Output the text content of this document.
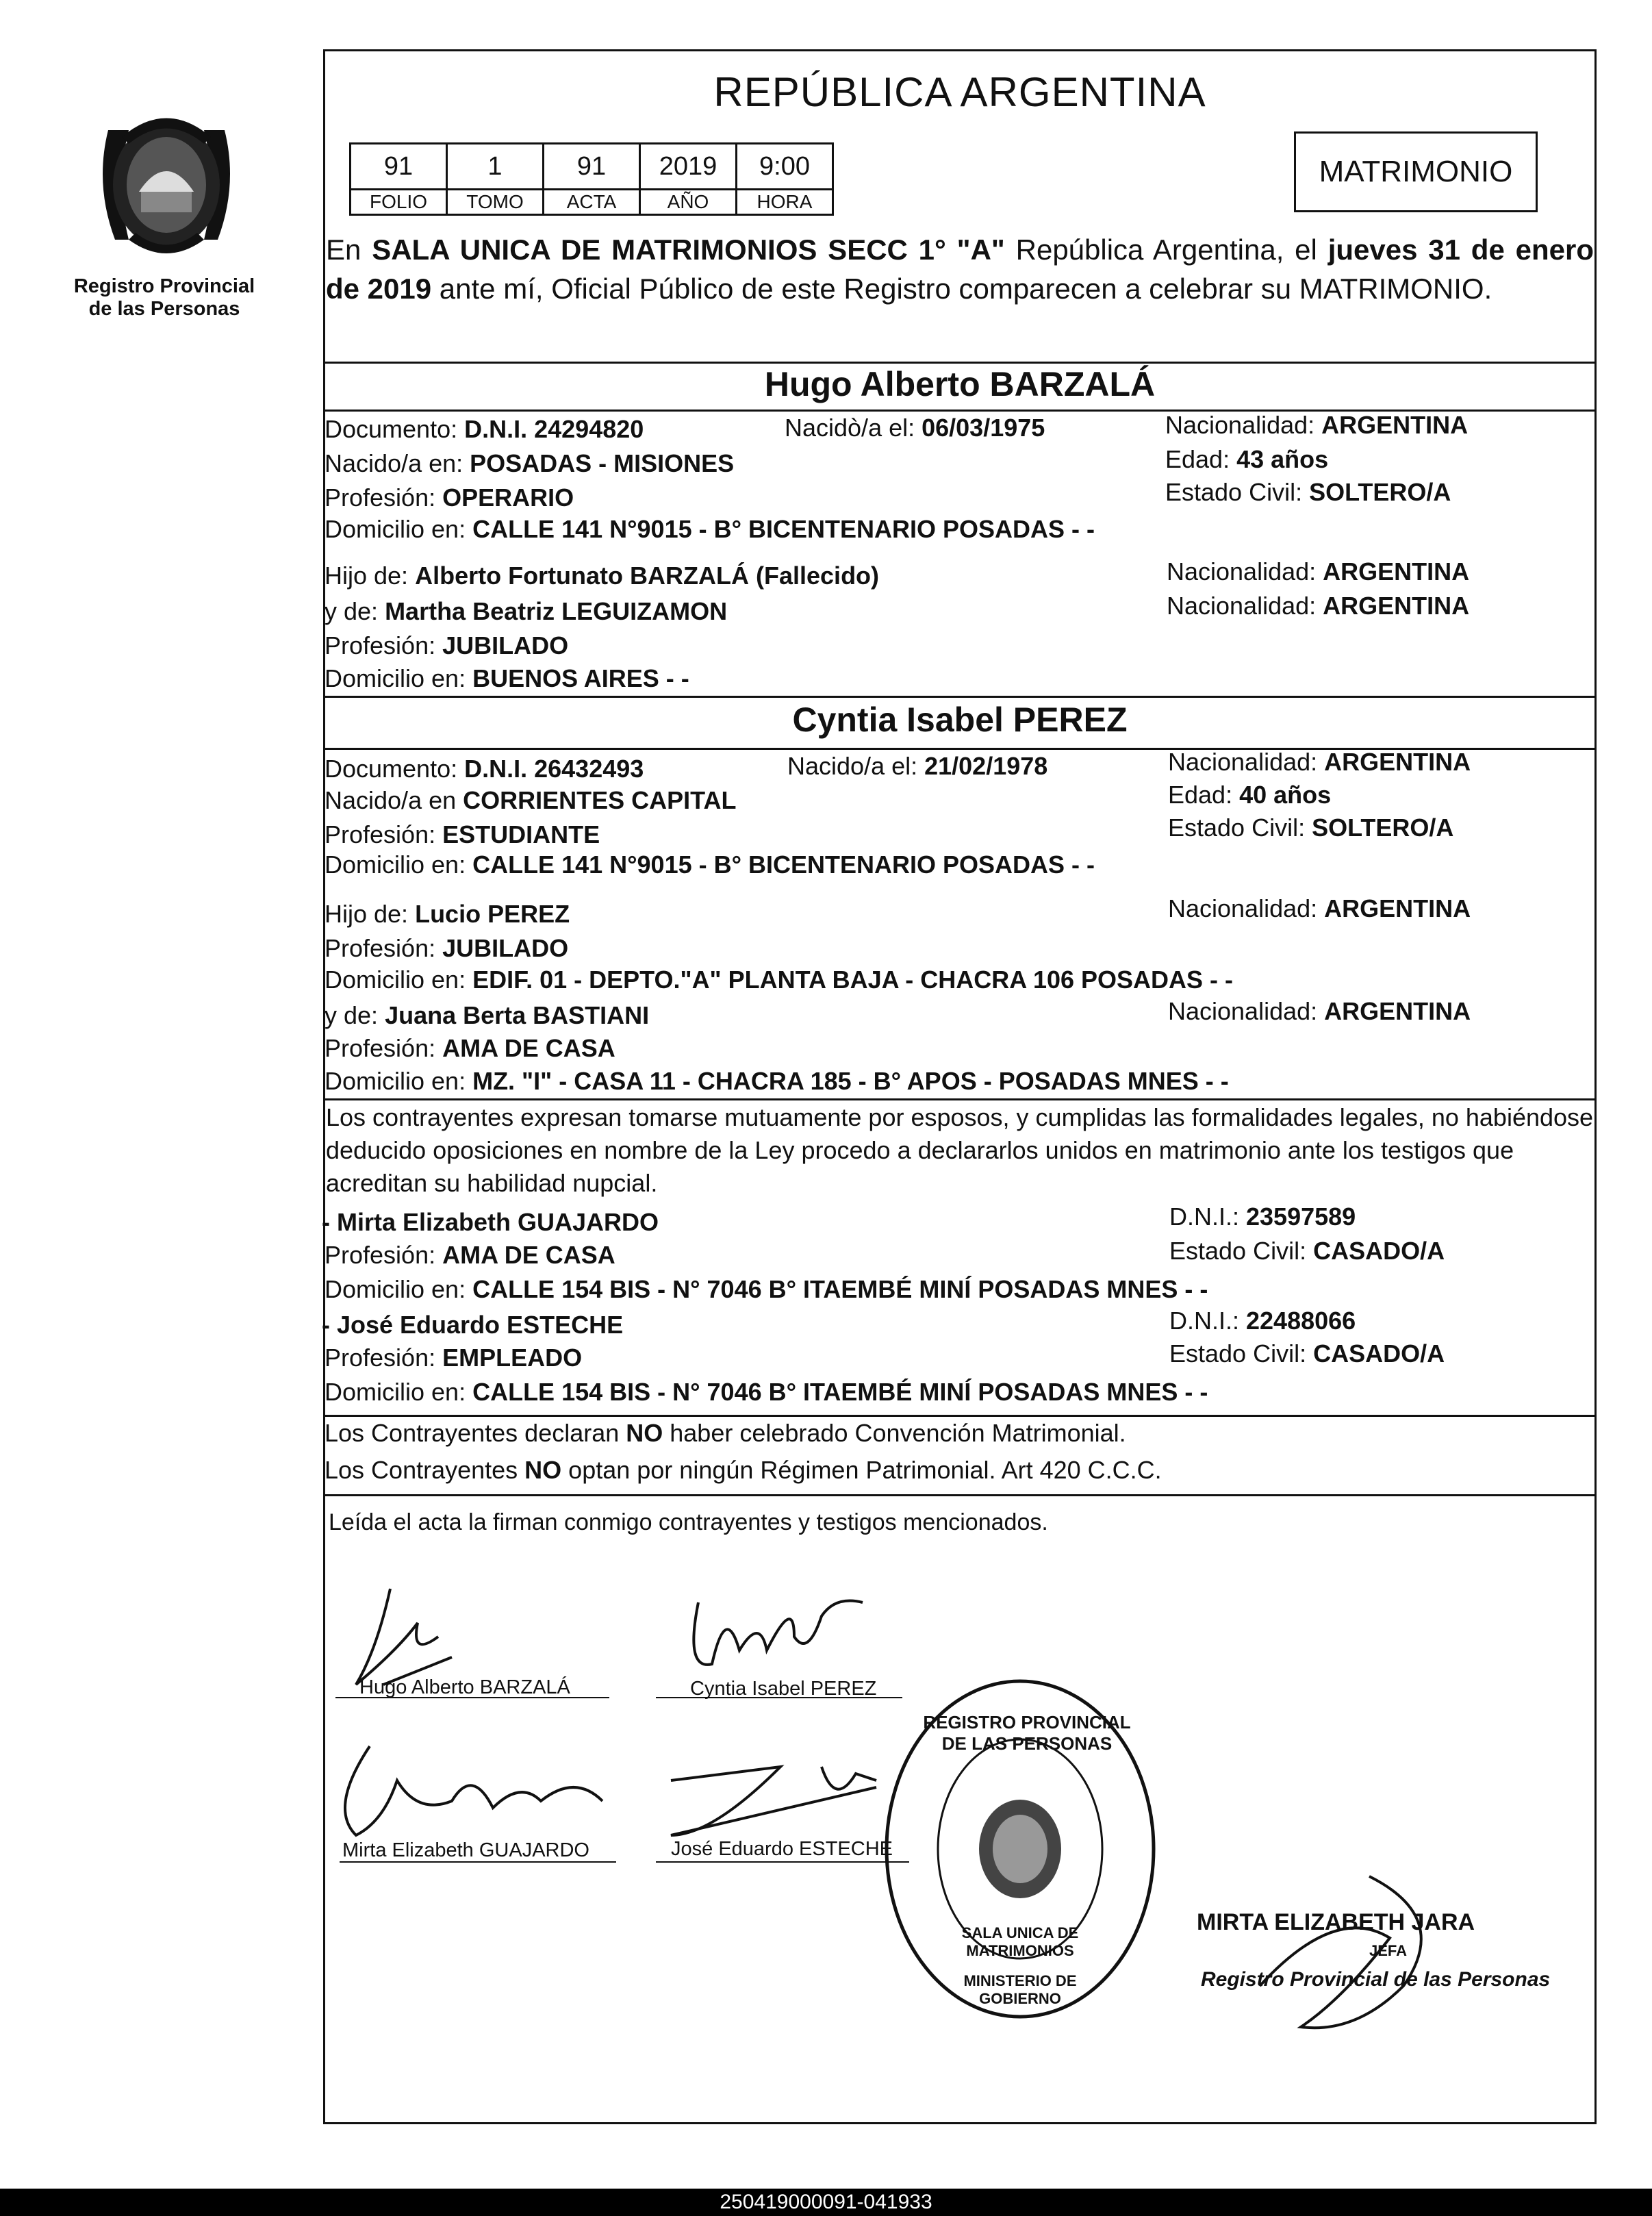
Registro Provincial
de las Personas
REPÚBLICA ARGENTINA
91	1	91	2019	9:00
FOLIO	TOMO	ACTA	AÑO	HORA
MATRIMONIO
En SALA UNICA DE MATRIMONIOS SECC 1° "A" República Argentina, el jueves 31 de enero de 2019 ante mí, Oficial Público de este Registro comparecen a celebrar su MATRIMONIO.
Hugo Alberto BARZALÁ
Documento: D.N.I. 24294820	Nacidò/a el: 06/03/1975	Nacionalidad: ARGENTINA
Nacido/a en: POSADAS - MISIONES	Edad: 43 años
Profesión: OPERARIO	Estado Civil: SOLTERO/A
Domicilio en: CALLE 141 N°9015 - B° BICENTENARIO POSADAS - -
Hijo de: Alberto Fortunato BARZALÁ (Fallecido)	Nacionalidad: ARGENTINA
y de: Martha Beatriz LEGUIZAMON	Nacionalidad: ARGENTINA
Profesión: JUBILADO
Domicilio en: BUENOS AIRES - -
Cyntia Isabel PEREZ
Documento: D.N.I. 26432493	Nacido/a el: 21/02/1978	Nacionalidad: ARGENTINA
Nacido/a en CORRIENTES CAPITAL	Edad: 40 años
Profesión: ESTUDIANTE	Estado Civil: SOLTERO/A
Domicilio en: CALLE 141 N°9015 - B° BICENTENARIO POSADAS - -
Hijo de: Lucio PEREZ	Nacionalidad: ARGENTINA
Profesión: JUBILADO
Domicilio en: EDIF. 01 - DEPTO."A" PLANTA BAJA - CHACRA 106 POSADAS - -
y de: Juana Berta BASTIANI	Nacionalidad: ARGENTINA
Profesión: AMA DE CASA
Domicilio en: MZ. "I" - CASA 11 - CHACRA 185 - B° APOS - POSADAS MNES - -
Los contrayentes expresan tomarse mutuamente por esposos, y cumplidas las formalidades legales, no habiéndose deducido oposiciones en nombre de la Ley procedo a declararlos unidos en matrimonio ante los testigos que acreditan su habilidad nupcial.
- Mirta Elizabeth GUAJARDO	D.N.I.: 23597589
Profesión: AMA DE CASA	Estado Civil: CASADO/A
Domicilio en: CALLE 154 BIS - N° 7046 B° ITAEMBÉ MINÍ POSADAS MNES - -
- José Eduardo ESTECHE	D.N.I.: 22488066
Profesión: EMPLEADO	Estado Civil: CASADO/A
Domicilio en: CALLE 154 BIS - N° 7046 B° ITAEMBÉ MINÍ POSADAS MNES - -
Los Contrayentes declaran NO haber celebrado Convención Matrimonial.
Los Contrayentes NO optan por ningún Régimen Patrimonial. Art 420 C.C.C.
Leída el acta la firman conmigo contrayentes y testigos mencionados.
Hugo Alberto BARZALÁ	Cyntia Isabel PEREZ
Mirta Elizabeth GUAJARDO	José Eduardo ESTECHE
REGISTRO PROVINCIAL DE LAS PERSONAS
SALA UNICA DE MATRIMONIOS
MINISTERIO DE GOBIERNO
MIRTA ELIZABETH JARA
JEFA
Registro Provincial de las Personas
250419000091-041933
